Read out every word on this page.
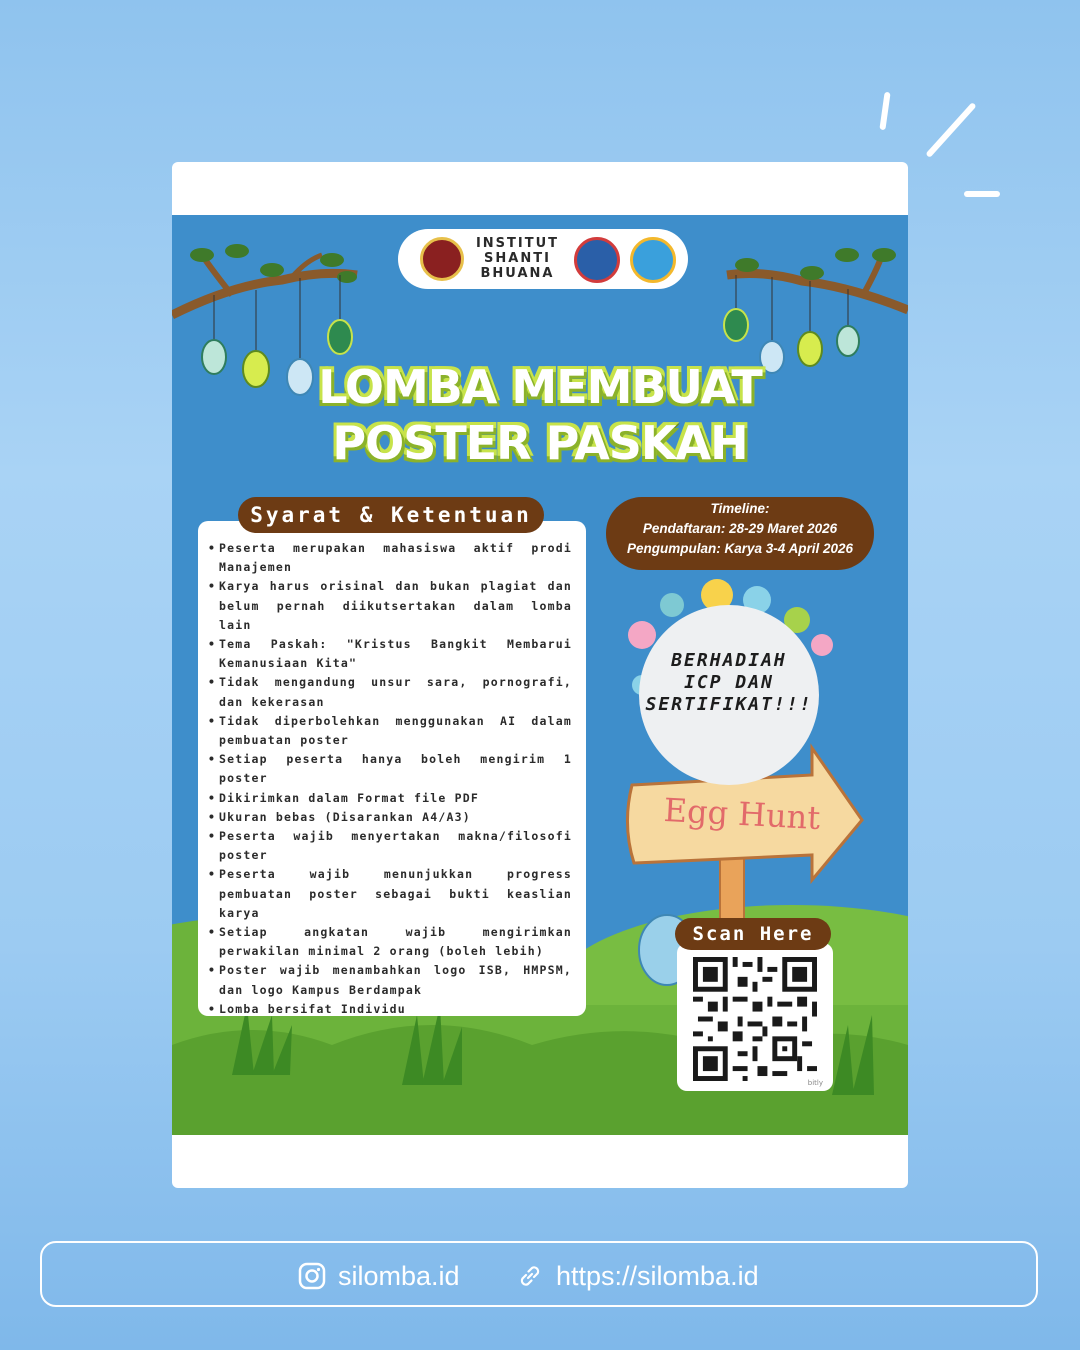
INSTITUT
SHANTI
BHUANA
LOMBA MEMBUAT
POSTER PASKAH
Syarat & Ketentuan
• Peserta merupakan mahasiswa aktif prodi Manajemen
• Karya harus orisinal dan bukan plagiat dan belum pernah diikutsertakan dalam lomba lain
• Tema Paskah: "Kristus Bangkit Membarui Kemanusiaan Kita"
• Tidak mengandung unsur sara, pornografi, dan kekerasan
• Tidak diperbolehkan menggunakan AI dalam pembuatan poster
• Setiap peserta hanya boleh mengirim 1 poster
• Dikirimkan dalam Format file PDF
• Ukuran bebas (Disarankan A4/A3)
• Peserta wajib menyertakan makna/filosofi poster
• Peserta wajib menunjukkan progress pembuatan poster sebagai bukti keaslian karya
• Setiap angkatan wajib mengirimkan perwakilan minimal 2 orang (boleh lebih)
• Poster wajib menambahkan logo ISB, HMPSM, dan logo Kampus Berdampak
• Lomba bersifat Individu
Timeline:
Pendaftaran: 28-29 Maret 2026
Pengumpulan: Karya 3-4 April 2026
BERHADIAH
ICP DAN
SERTIFIKAT!!!
Egg Hunt
bitly
Scan Here
silomba.id	https://silomba.id
